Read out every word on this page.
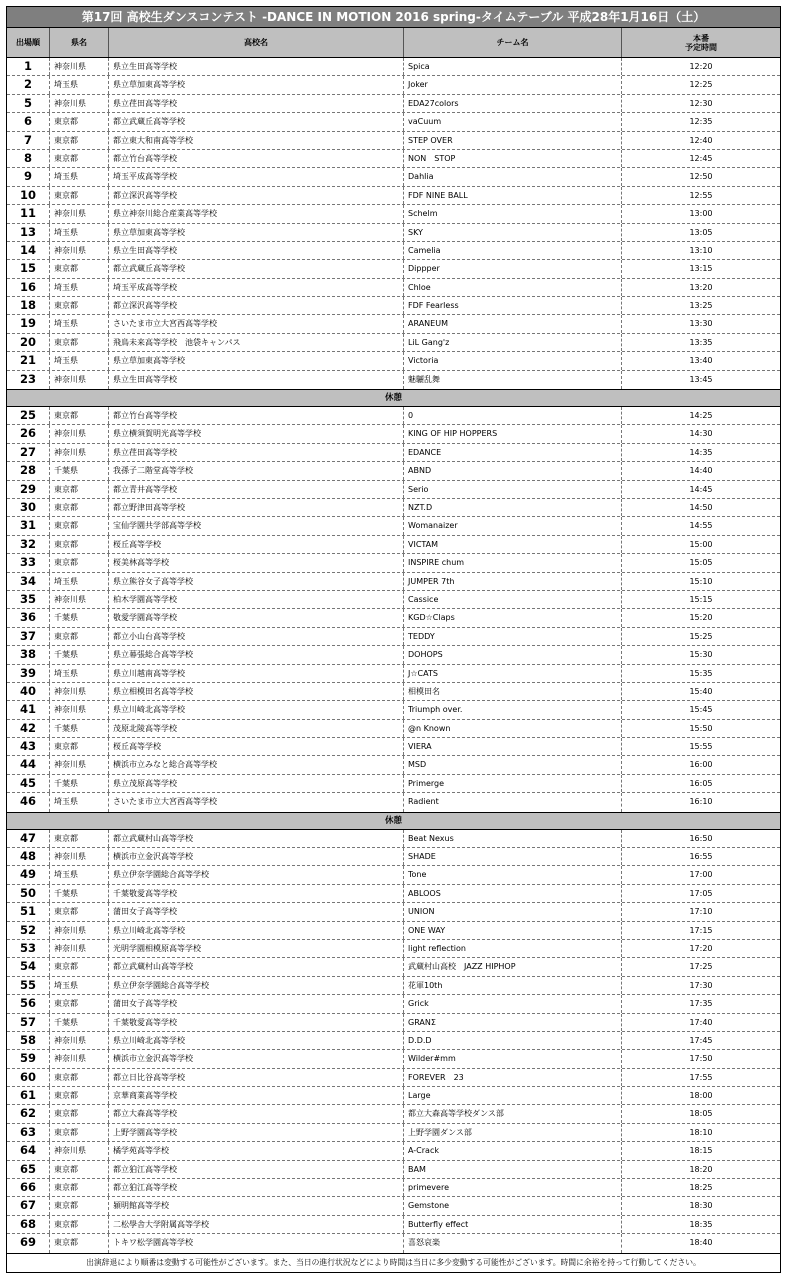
第17回 高校生ダンスコンテスト -DANCE IN MOTION 2016 spring-タイムテーブル 平成28年1月16日（土）
出場順	県名	高校名	チーム名	本番
予定時間
1	神奈川県	県立生田高等学校	Spica	12:20
2	埼玉県	県立草加東高等学校	Joker	12:25
5	神奈川県	県立荏田高等学校	EDA27colors	12:30
6	東京都	都立武蔵丘高等学校	vaCuum	12:35
7	東京都	都立東大和南高等学校	STEP OVER	12:40
8	東京都	都立竹台高等学校	NON　STOP	12:45
9	埼玉県	埼玉平成高等学校	Dahlia	12:50
10	東京都	都立深沢高等学校	FDF NINE BALL	12:55
11	神奈川県	県立神奈川総合産業高等学校	Schelm	13:00
13	埼玉県	県立草加東高等学校	SKY	13:05
14	神奈川県	県立生田高等学校	Camelia	13:10
15	東京都	都立武蔵丘高等学校	Dippper	13:15
16	埼玉県	埼玉平成高等学校	Chloe	13:20
18	東京都	都立深沢高等学校	FDF Fearless	13:25
19	埼玉県	さいたま市立大宮西高等学校	ARANEUM	13:30
20	東京都	飛鳥未来高等学校　池袋キャンパス	LiL Gang'z	13:35
21	埼玉県	県立草加東高等学校	Victoria	13:40
23	神奈川県	県立生田高等学校	魅驪乱舞	13:45
休憩
25	東京都	都立竹台高等学校	0	14:25
26	神奈川県	県立横須賀明光高等学校	KING OF HIP HOPPERS	14:30
27	神奈川県	県立荏田高等学校	EDANCE	14:35
28	千葉県	我孫子二階堂高等学校	ABND	14:40
29	東京都	都立青井高等学校	Serio	14:45
30	東京都	都立野津田高等学校	NZT.D	14:50
31	東京都	宝仙学園共学部高等学校	Womanaizer	14:55
32	東京都	桜丘高等学校	VICTAM	15:00
33	東京都	桜美林高等学校	INSPIRE chum	15:05
34	埼玉県	県立熊谷女子高等学校	JUMPER 7th	15:10
35	神奈川県	柏木学園高等学校	Cassice	15:15
36	千葉県	敬愛学園高等学校	KGD☆Claps	15:20
37	東京都	都立小山台高等学校	TEDDY	15:25
38	千葉県	県立幕張総合高等学校	DOHOPS	15:30
39	埼玉県	県立川越南高等学校	J☆CATS	15:35
40	神奈川県	県立相模田名高等学校	相模田名	15:40
41	神奈川県	県立川崎北高等学校	Triumph over.	15:45
42	千葉県	茂原北陵高等学校	@n Known	15:50
43	東京都	桜丘高等学校	VIERA	15:55
44	神奈川県	横浜市立みなと総合高等学校	MSD	16:00
45	千葉県	県立茂原高等学校	Primerge	16:05
46	埼玉県	さいたま市立大宮西高等学校	Radient	16:10
休憩
47	東京都	都立武蔵村山高等学校	Beat Nexus	16:50
48	神奈川県	横浜市立金沢高等学校	SHADE	16:55
49	埼玉県	県立伊奈学園総合高等学校	Tone	17:00
50	千葉県	千葉敬愛高等学校	ABLOOS	17:05
51	東京都	蒲田女子高等学校	UNION	17:10
52	神奈川県	県立川崎北高等学校	ONE WAY	17:15
53	神奈川県	光明学園相模原高等学校	light reflection	17:20
54	東京都	都立武蔵村山高等学校	武蔵村山高校　JAZZ HIPHOP	17:25
55	埼玉県	県立伊奈学園総合高等学校	花軍10th	17:30
56	東京都	蒲田女子高等学校	Grick	17:35
57	千葉県	千葉敬愛高等学校	GRANΣ	17:40
58	神奈川県	県立川崎北高等学校	D.D.D	17:45
59	神奈川県	横浜市立金沢高等学校	Wilder#mm	17:50
60	東京都	都立日比谷高等学校	FOREVER　23	17:55
61	東京都	京華商業高等学校	Large	18:00
62	東京都	都立大森高等学校	都立大森高等学校ダンス部	18:05
63	東京都	上野学園高等学校	上野学園ダンス部	18:10
64	神奈川県	橘学苑高等学校	A-Crack	18:15
65	東京都	都立狛江高等学校	BAM	18:20
66	東京都	都立狛江高等学校	primevere	18:25
67	東京都	潁明館高等学校	Gemstone	18:30
68	東京都	二松學舎大学附属高等学校	Butterfly effect	18:35
69	東京都	トキワ松学園高等学校	喜怒哀楽	18:40
出演辞退により順番は変動する可能性がございます。また、当日の進行状況などにより時間は当日に多少変動する可能性がございます。時間に余裕を持って行動してください。
